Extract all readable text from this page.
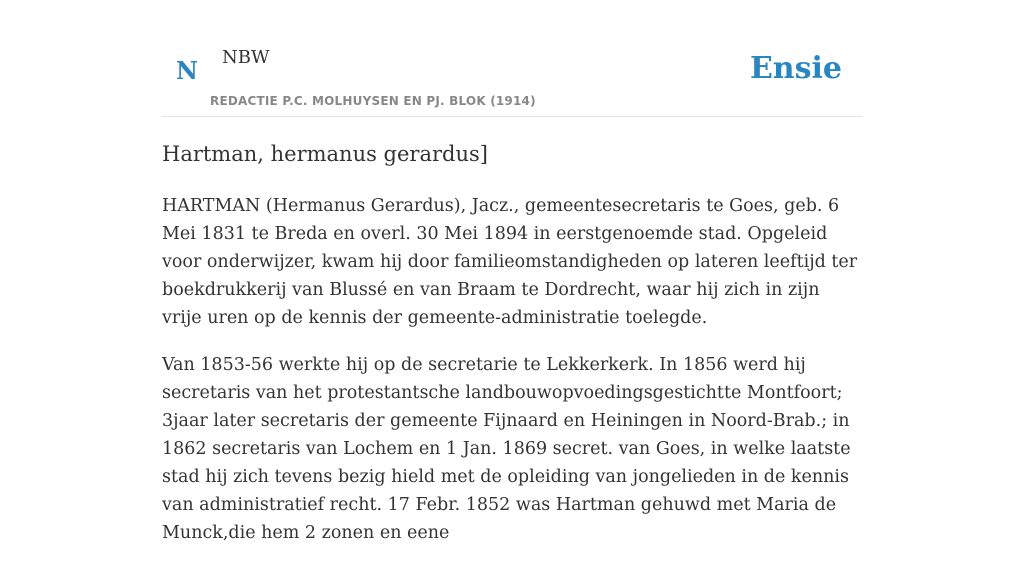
N NBW
REDACTIE P.C. MOLHUYSEN EN PJ. BLOK (1914)
Ensie
Hartman, hermanus gerardus]

HARTMAN (Hermanus Gerardus), Jacz., gemeentesecretaris te Goes, geb. 6 Mei 1831 te Breda en overl. 30 Mei 1894 in eerstgenoemde stad. Opgeleid voor onderwijzer, kwam hij door familieomstandigheden op lateren leeftijd ter boekdrukkerij van Blussé en van Braam te Dordrecht, waar hij zich in zijn vrije uren op de kennis der gemeente-administratie toelegde.

Van 1853-56 werkte hij op de secretarie te Lekkerkerk. In 1856 werd hij secretaris van het protestantsche landbouwopvoedingsgestichtte Montfoort; 3jaar later secretaris der gemeente Fijnaard en Heiningen in Noord-Brab.; in 1862 secretaris van Lochem en 1 Jan. 1869 secret. van Goes, in welke laatste stad hij zich tevens bezig hield met de opleiding van jongelieden in de kennis van administratief recht. 17 Febr. 1852 was Hartman gehuwd met Maria de Munck,die hem 2 zonen en eene
